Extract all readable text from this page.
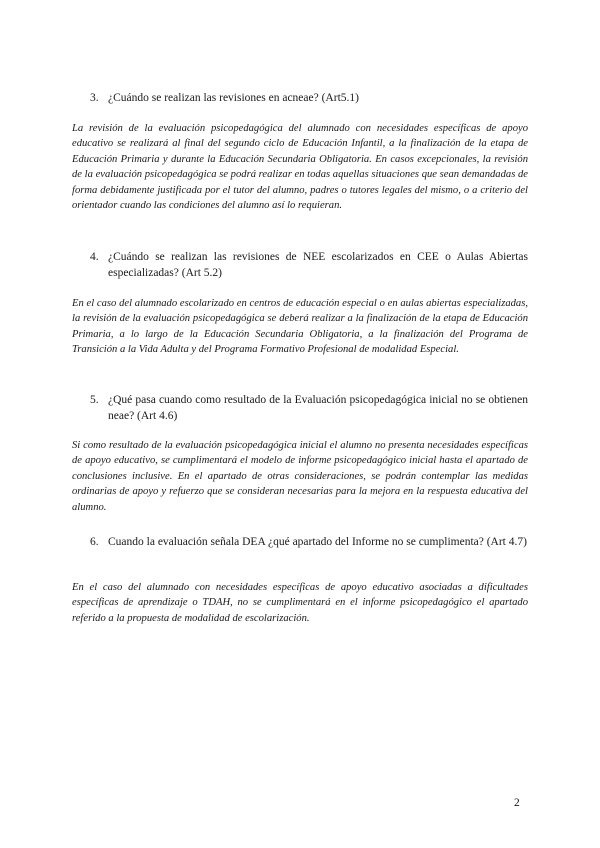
3. ¿Cuándo se realizan las revisiones en acneae? (Art5.1)
La revisión de la evaluación psicopedagógica del alumnado con necesidades específicas de apoyo educativo se realizará al final del segundo ciclo de Educación Infantil, a la finalización de la etapa de Educación Primaria y durante la Educación Secundaria Obligatoria. En casos excepcionales, la revisión de la evaluación psicopedagógica se podrá realizar en todas aquellas situaciones que sean demandadas de forma debidamente justificada por el tutor del alumno, padres o tutores legales del mismo, o a criterio del orientador cuando las condiciones del alumno así lo requieran.
4. ¿Cuándo se realizan las revisiones de NEE escolarizados en CEE o Aulas Abiertas especializadas? (Art 5.2)
En el caso del alumnado escolarizado en centros de educación especial o en aulas abiertas especializadas, la revisión de la evaluación psicopedagógica se deberá realizar a la finalización de la etapa de Educación Primaria, a lo largo de la Educación Secundaria Obligatoria, a la finalización del Programa de Transición a la Vida Adulta y del Programa Formativo Profesional de modalidad Especial.
5. ¿Qué pasa cuando como resultado de la Evaluación psicopedagógica inicial no se obtienen neae? (Art 4.6)
Si como resultado de la evaluación psicopedagógica inicial el alumno no presenta necesidades específicas de apoyo educativo, se cumplimentará el modelo de informe psicopedagógico inicial hasta el apartado de conclusiones inclusive. En el apartado de otras consideraciones, se podrán contemplar las medidas ordinarias de apoyo y refuerzo que se consideran necesarias para la mejora en la respuesta educativa del alumno.
6. Cuando la evaluación señala DEA ¿qué apartado del Informe no se cumplimenta? (Art 4.7)
En el caso del alumnado con necesidades específicas de apoyo educativo asociadas a dificultades específicas de aprendizaje o TDAH, no se cumplimentará en el informe psicopedagógico el apartado referido a la propuesta de modalidad de escolarización.
2
